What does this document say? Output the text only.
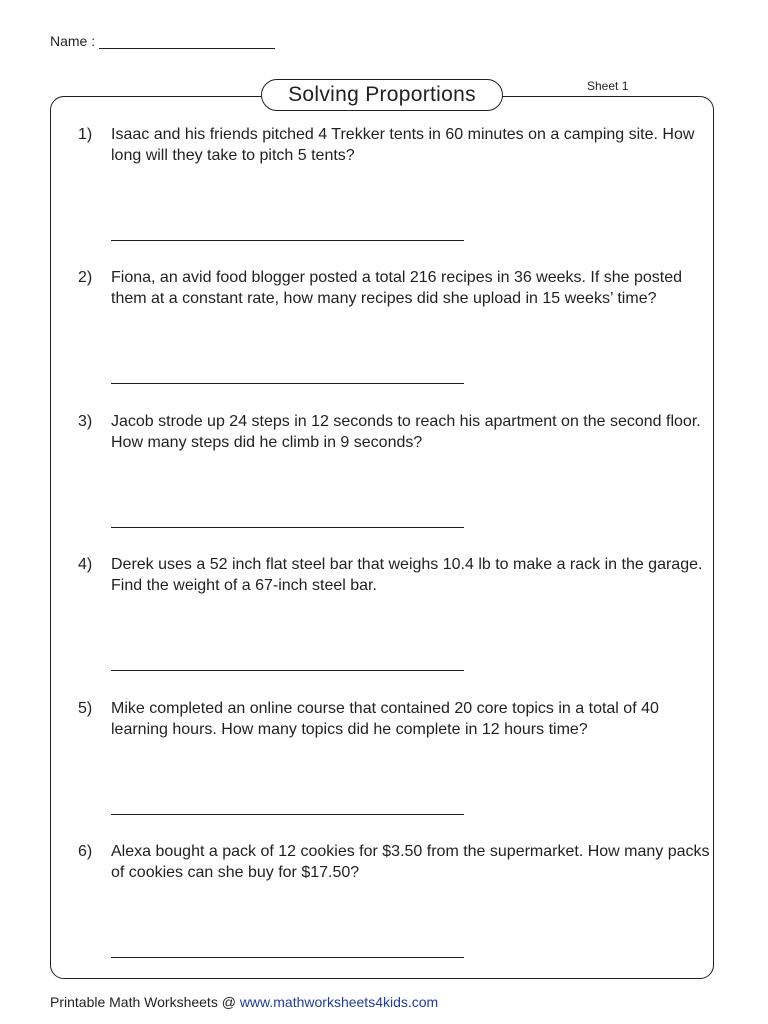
Name :
Sheet 1
Solving Proportions
1) Isaac and his friends pitched 4 Trekker tents in 60 minutes on a camping site. How long will they take to pitch 5 tents?
2) Fiona, an avid food blogger posted a total 216 recipes in 36 weeks. If she posted them at a constant rate, how many recipes did she upload in 15 weeks’ time?
3) Jacob strode up 24 steps in 12 seconds to reach his apartment on the second floor. How many steps did he climb in 9 seconds?
4) Derek uses a 52 inch flat steel bar that weighs 10.4 lb to make a rack in the garage. Find the weight of a 67-inch steel bar.
5) Mike completed an online course that contained 20 core topics in a total of 40 learning hours. How many topics did he complete in 12 hours time?
6) Alexa bought a pack of 12 cookies for $3.50 from the supermarket. How many packs of cookies can she buy for $17.50?
Printable Math Worksheets @ www.mathworksheets4kids.com
